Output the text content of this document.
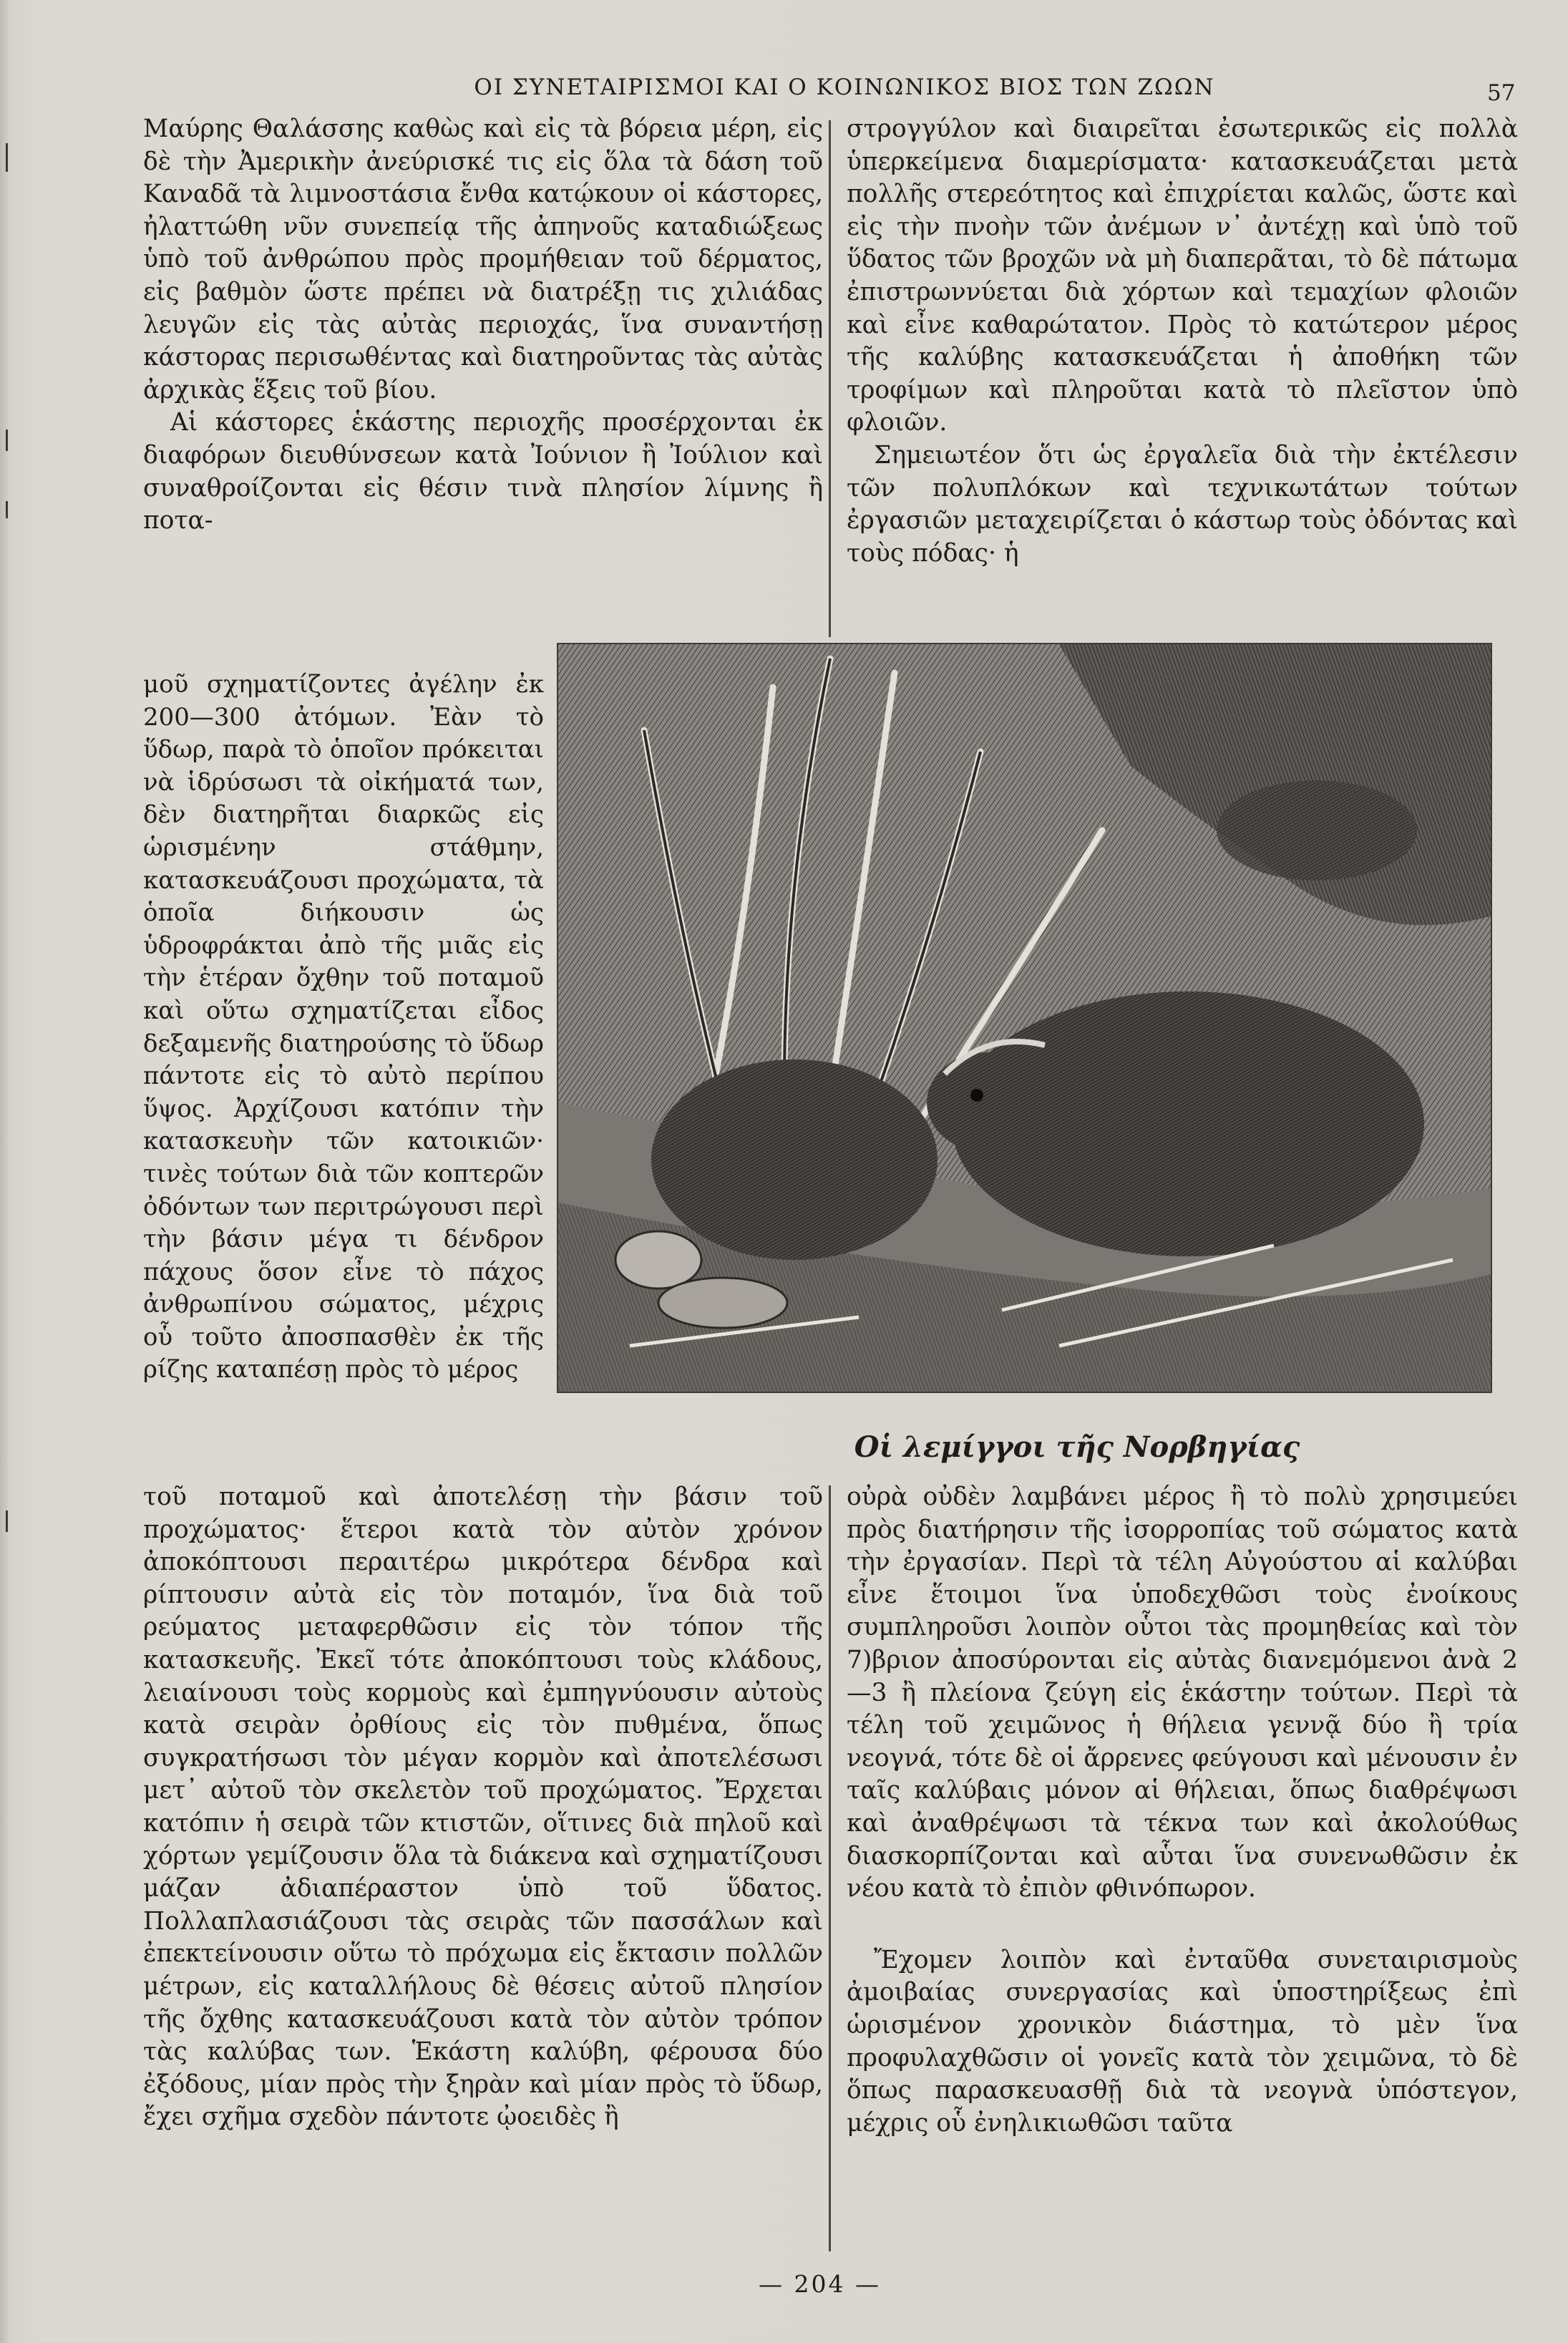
ΟΙ ΣΥΝΕΤΑΙΡΙΣΜΟΙ ΚΑΙ Ο ΚΟΙΝΩΝΙΚΟΣ ΒΙΟΣ ΤΩΝ ΖΩΩΝ	57

Μαύρης Θαλάσσης καθὼς καὶ εἰς τὰ βόρεια μέρη, εἰς δὲ τὴν Ἀμερικὴν ἀνεύρισκέ τις εἰς ὅλα τὰ δάση τοῦ Καναδᾶ τὰ λιμνοστάσια ἔνθα κατῴκουν οἱ κάστορες, ἠλαττώθη νῦν συνεπείᾳ τῆς ἀπηνοῦς καταδιώξεως ὑπὸ τοῦ ἀνθρώπου πρὸς προμήθειαν τοῦ δέρματος, εἰς βαθμὸν ὥστε πρέπει νὰ διατρέξῃ τις χιλιάδας λευγῶν εἰς τὰς αὐτὰς περιοχάς, ἵνα συναντήσῃ κάστορας περισωθέντας καὶ διατηροῦντας τὰς αὐτὰς ἀρχικὰς ἕξεις τοῦ βίου.

Αἱ κάστορες ἑκάστης περιοχῆς προσέρχονται ἐκ διαφόρων διευθύνσεων κατὰ Ἰούνιον ἢ Ἰούλιον καὶ συναθροίζονται εἰς θέσιν τινὰ πλησίον λίμνης ἢ ποτα-

στρογγύλον καὶ διαιρεῖται ἐσωτερικῶς εἰς πολλὰ ὑπερκείμενα διαμερίσματα· κατασκευάζεται μετὰ πολλῆς στερεότητος καὶ ἐπιχρίεται καλῶς, ὥστε καὶ εἰς τὴν πνοὴν τῶν ἀνέμων ν᾽ ἀντέχῃ καὶ ὑπὸ τοῦ ὕδατος τῶν βροχῶν νὰ μὴ διαπερᾶται, τὸ δὲ πάτωμα ἐπιστρωννύεται διὰ χόρτων καὶ τεμαχίων φλοιῶν καὶ εἶνε καθαρώτατον. Πρὸς τὸ κατώτερον μέρος τῆς καλύβης κατασκευάζεται ἡ ἀποθήκη τῶν τροφίμων καὶ πληροῦται κατὰ τὸ πλεῖστον ὑπὸ φλοιῶν.

Σημειωτέον ὅτι ὡς ἐργαλεῖα διὰ τὴν ἐκτέλεσιν τῶν πολυπλόκων καὶ τεχνικωτάτων τούτων ἐργασιῶν μεταχειρίζεται ὁ κάστωρ τοὺς ὀδόντας καὶ τοὺς πόδας· ἡ

μοῦ σχηματίζοντες ἀγέλην ἐκ 200—300 ἀτόμων. Ἐὰν τὸ ὕδωρ, παρὰ τὸ ὁποῖον πρόκειται νὰ ἱδρύσωσι τὰ οἰκήματά των, δὲν διατηρῆται διαρκῶς εἰς ὡρισμένην στάθμην, κατασκευάζουσι προχώματα, τὰ ὁποῖα διήκουσιν ὡς ὑδροφράκται ἀπὸ τῆς μιᾶς εἰς τὴν ἑτέραν ὄχθην τοῦ ποταμοῦ καὶ οὕτω σχηματίζεται εἶδος δεξαμενῆς διατηρούσης τὸ ὕδωρ πάντοτε εἰς τὸ αὐτὸ περίπου ὕψος. Ἀρχίζουσι κατόπιν τὴν κατασκευὴν τῶν κατοικιῶν· τινὲς τούτων διὰ τῶν κοπτερῶν ὀδόντων των περιτρώγουσι περὶ τὴν βάσιν μέγα τι δένδρον πάχους ὅσον εἶνε τὸ πάχος ἀνθρωπίνου σώματος, μέχρις οὗ τοῦτο ἀποσπασθὲν ἐκ τῆς ρίζης καταπέσῃ πρὸς τὸ μέρος

Οἱ λεμίγγοι τῆς Νορβηγίας

τοῦ ποταμοῦ καὶ ἀποτελέσῃ τὴν βάσιν τοῦ προχώματος· ἕτεροι κατὰ τὸν αὐτὸν χρόνον ἀποκόπτουσι περαιτέρω μικρότερα δένδρα καὶ ρίπτουσιν αὐτὰ εἰς τὸν ποταμόν, ἵνα διὰ τοῦ ρεύματος μεταφερθῶσιν εἰς τὸν τόπον τῆς κατασκευῆς. Ἐκεῖ τότε ἀποκόπτουσι τοὺς κλάδους, λειαίνουσι τοὺς κορμοὺς καὶ ἐμπηγνύουσιν αὐτοὺς κατὰ σειρὰν ὀρθίους εἰς τὸν πυθμένα, ὅπως συγκρατήσωσι τὸν μέγαν κορμὸν καὶ ἀποτελέσωσι μετ᾽ αὐτοῦ τὸν σκελετὸν τοῦ προχώματος. Ἔρχεται κατόπιν ἡ σειρὰ τῶν κτιστῶν, οἵτινες διὰ πηλοῦ καὶ χόρτων γεμίζουσιν ὅλα τὰ διάκενα καὶ σχηματίζουσι μάζαν ἀδιαπέραστον ὑπὸ τοῦ ὕδατος. Πολλαπλασιάζουσι τὰς σειρὰς τῶν πασσάλων καὶ ἐπεκτείνουσιν οὕτω τὸ πρόχωμα εἰς ἔκτασιν πολλῶν μέτρων, εἰς καταλλήλους δὲ θέσεις αὐτοῦ πλησίον τῆς ὄχθης κατασκευάζουσι κατὰ τὸν αὐτὸν τρόπον τὰς καλύβας των. Ἑκάστη καλύβη, φέρουσα δύο ἐξόδους, μίαν πρὸς τὴν ξηρὰν καὶ μίαν πρὸς τὸ ὕδωρ, ἔχει σχῆμα σχεδὸν πάντοτε ᾠοειδὲς ἢ

οὐρὰ οὐδὲν λαμβάνει μέρος ἢ τὸ πολὺ χρησιμεύει πρὸς διατήρησιν τῆς ἰσορροπίας τοῦ σώματος κατὰ τὴν ἐργασίαν. Περὶ τὰ τέλη Αὐγούστου αἱ καλύβαι εἶνε ἕτοιμοι ἵνα ὑποδεχθῶσι τοὺς ἐνοίκους συμπληροῦσι λοιπὸν οὗτοι τὰς προμηθείας καὶ τὸν 7)βριον ἀποσύρονται εἰς αὐτὰς διανεμόμενοι ἀνὰ 2—3 ἢ πλείονα ζεύγη εἰς ἑκάστην τούτων. Περὶ τὰ τέλη τοῦ χειμῶνος ἡ θήλεια γεννᾷ δύο ἢ τρία νεογνά, τότε δὲ οἱ ἄρρενες φεύγουσι καὶ μένουσιν ἐν ταῖς καλύβαις μόνον αἱ θήλειαι, ὅπως διαθρέψωσι καὶ ἀναθρέψωσι τὰ τέκνα των καὶ ἀκολούθως διασκορπίζονται καὶ αὗται ἵνα συνενωθῶσιν ἐκ νέου κατὰ τὸ ἐπιὸν φθινόπωρον.

Ἔχομεν λοιπὸν καὶ ἐνταῦθα συνεταιρισμοὺς ἀμοιβαίας συνεργασίας καὶ ὑποστηρίξεως ἐπὶ ὡρισμένον χρονικὸν διάστημα, τὸ μὲν ἵνα προφυλαχθῶσιν οἱ γονεῖς κατὰ τὸν χειμῶνα, τὸ δὲ ὅπως παρασκευασθῇ διὰ τὰ νεογνὰ ὑπόστεγον, μέχρις οὗ ἐνηλικιωθῶσι ταῦτα

— 204 —
